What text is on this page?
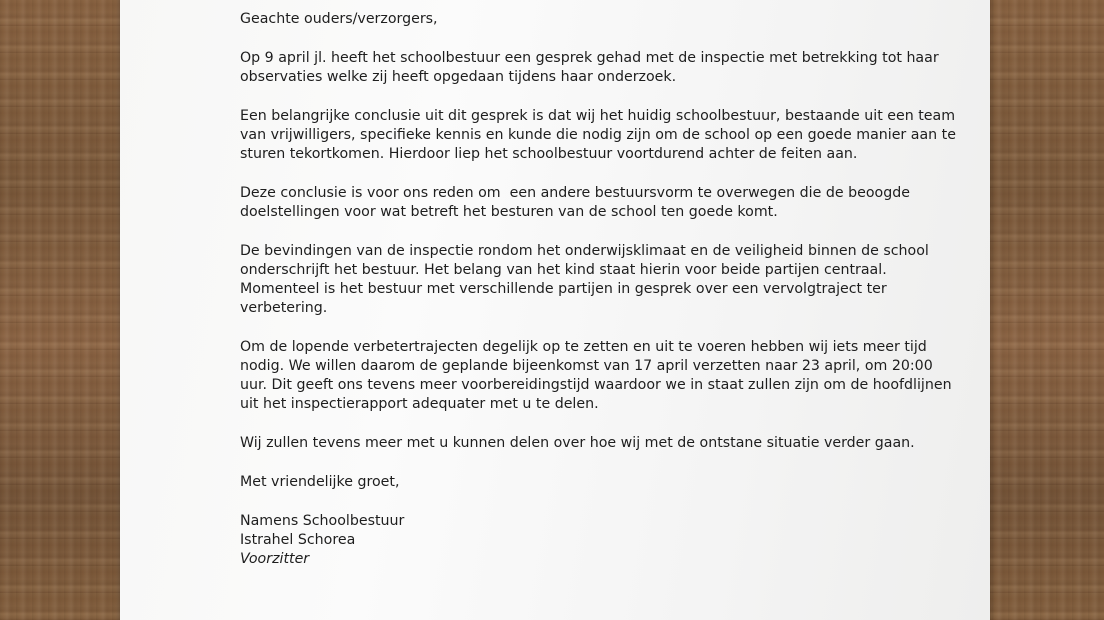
Geachte ouders/verzorgers,
Op 9 april jl. heeft het schoolbestuur een gesprek gehad met de inspectie met betrekking tot haar
observaties welke zij heeft opgedaan tijdens haar onderzoek.
Een belangrijke conclusie uit dit gesprek is dat wij het huidig schoolbestuur, bestaande uit een team
van vrijwilligers, specifieke kennis en kunde die nodig zijn om de school op een goede manier aan te
sturen tekortkomen. Hierdoor liep het schoolbestuur voortdurend achter de feiten aan.
Deze conclusie is voor ons reden om  een andere bestuursvorm te overwegen die de beoogde
doelstellingen voor wat betreft het besturen van de school ten goede komt.
De bevindingen van de inspectie rondom het onderwijsklimaat en de veiligheid binnen de school
onderschrijft het bestuur. Het belang van het kind staat hierin voor beide partijen centraal.
Momenteel is het bestuur met verschillende partijen in gesprek over een vervolgtraject ter
verbetering.
Om de lopende verbetertrajecten degelijk op te zetten en uit te voeren hebben wij iets meer tijd
nodig. We willen daarom de geplande bijeenkomst van 17 april verzetten naar 23 april, om 20:00
uur. Dit geeft ons tevens meer voorbereidingstijd waardoor we in staat zullen zijn om de hoofdlijnen
uit het inspectierapport adequater met u te delen.
Wij zullen tevens meer met u kunnen delen over hoe wij met de ontstane situatie verder gaan.
Met vriendelijke groet,
Namens Schoolbestuur
Istrahel Schorea
Voorzitter
